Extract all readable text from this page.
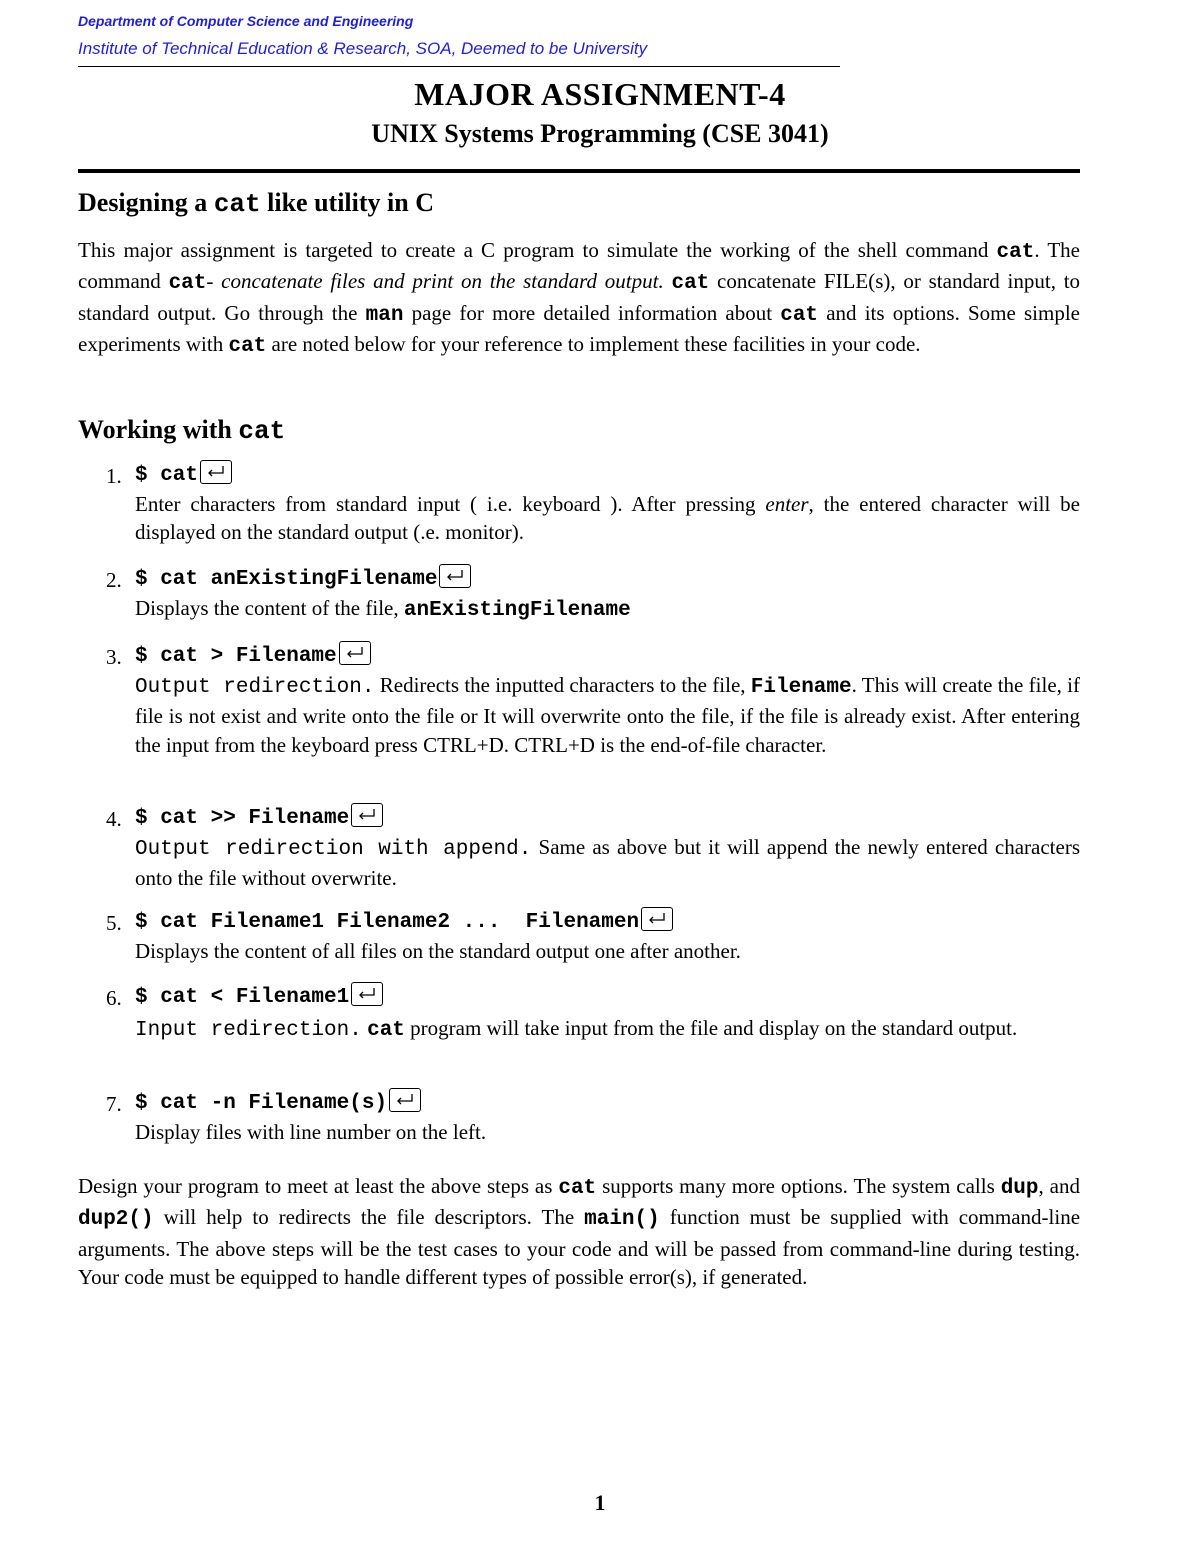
Department of Computer Science and Engineering
Institute of Technical Education & Research, SOA, Deemed to be University
MAJOR ASSIGNMENT-4
UNIX Systems Programming (CSE 3041)
Designing a cat like utility in C

This major assignment is targeted to create a C program to simulate the working of the shell command cat. The command cat- concatenate files and print on the standard output. cat concatenate FILE(s), or standard input, to standard output. Go through the man page for more detailed information about cat and its options. Some simple experiments with cat are noted below for your reference to implement these facilities in your code.

Working with cat
1. $ cat

Enter characters from standard input ( i.e. keyboard ). After pressing enter, the entered character will be displayed on the standard output (.e. monitor).

2. $ cat anExistingFilename

Displays the content of the file, anExistingFilename

3. $ cat > Filename

Output redirection. Redirects the inputted characters to the file, Filename. This will create the file, if file is not exist and write onto the file or It will overwrite onto the file, if the file is already exist. After entering the input from the keyboard press CTRL+D. CTRL+D is the end-of-file character.

4. $ cat >> Filename

Output redirection with append. Same as above but it will append the newly entered characters onto the file without overwrite.

5. $ cat Filename1 Filename2 ...  Filenamen

Displays the content of all files on the standard output one after another.

6. $ cat < Filename1

Input redirection. cat program will take input from the file and display on the standard output.

7. $ cat -n Filename(s)

Display files with line number on the left.

Design your program to meet at least the above steps as cat supports many more options. The system calls dup, and dup2() will help to redirects the file descriptors. The main() function must be supplied with command-line arguments. The above steps will be the test cases to your code and will be passed from command-line during testing. Your code must be equipped to handle different types of possible error(s), if generated.

1
